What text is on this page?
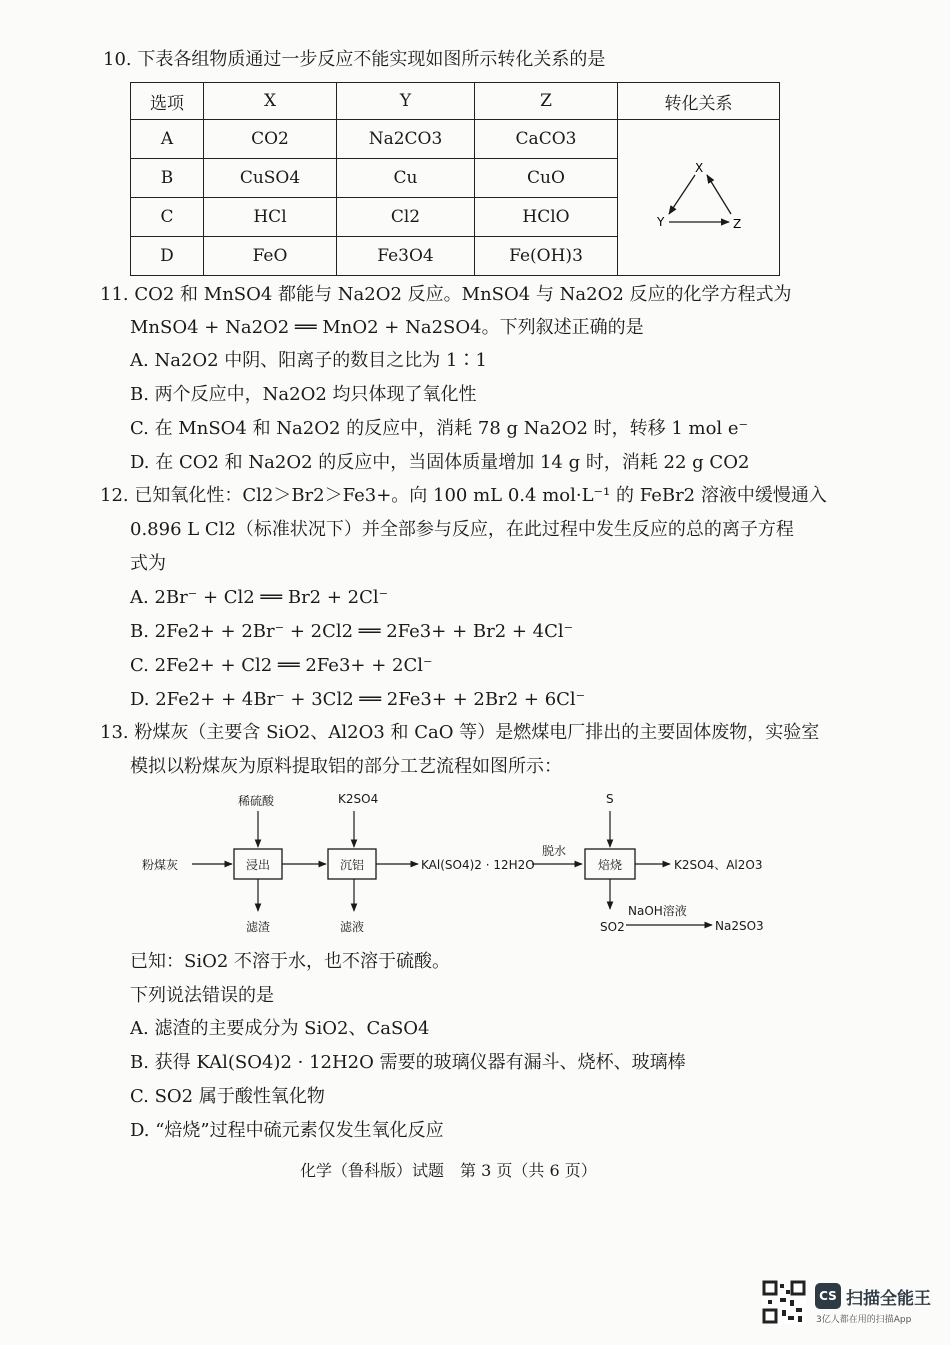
10. 下表各组物质通过一步反应不能实现如图所示转化关系的是
选项	X	Y	Z	转化关系
A	CO2	Na2CO3	CaCO3	X
Y Z

B	CuSO4	Cu	CuO	
C	HCl	Cl2	HClO	
D	FeO	Fe3O4	Fe(OH)3	
11. CO2 和 MnSO4 都能与 Na2O2 反应。MnSO4 与 Na2O2 反应的化学方程式为
MnSO4 + Na2O2 ══ MnO2 + Na2SO4。下列叙述正确的是
A. Na2O2 中阴、阳离子的数目之比为 1∶1
B. 两个反应中，Na2O2 均只体现了氧化性
C. 在 MnSO4 和 Na2O2 的反应中，消耗 78 g Na2O2 时，转移 1 mol e⁻
D. 在 CO2 和 Na2O2 的反应中，当固体质量增加 14 g 时，消耗 22 g CO2
12. 已知氧化性：Cl2＞Br2＞Fe3+。向 100 mL 0.4 mol·L⁻¹ 的 FeBr2 溶液中缓慢通入
0.896 L Cl2（标准状况下）并全部参与反应，在此过程中发生反应的总的离子方程
式为
A. 2Br⁻ + Cl2 ══ Br2 + 2Cl⁻
B. 2Fe2+ + 2Br⁻ + 2Cl2 ══ 2Fe3+ + Br2 + 4Cl⁻
C. 2Fe2+ + Cl2 ══ 2Fe3+ + 2Cl⁻
D. 2Fe2+ + 4Br⁻ + 3Cl2 ══ 2Fe3+ + 2Br2 + 6Cl⁻
13. 粉煤灰（主要含 SiO2、Al2O3 和 CaO 等）是燃煤电厂排出的主要固体废物，实验室
模拟以粉煤灰为原料提取铝的部分工艺流程如图所示：
稀硫酸	K2SO4	S
粉煤灰	浸出	沉铝	KAl(SO4)2 · 12H2O
脱水
焙烧	K2SO4、Al2O3
滤渣	滤液	SO2
NaOH溶液
Na2SO3
已知：SiO2 不溶于水，也不溶于硫酸。
下列说法错误的是
A. 滤渣的主要成分为 SiO2、CaSO4
B. 获得 KAl(SO4)2 · 12H2O 需要的玻璃仪器有漏斗、烧杯、玻璃棒
C. SO2 属于酸性氧化物
D. “焙烧”过程中硫元素仅发生氧化反应
化学（鲁科版）试题　第 3 页（共 6 页）
CS 扫描全能王
3亿人都在用的扫描App
